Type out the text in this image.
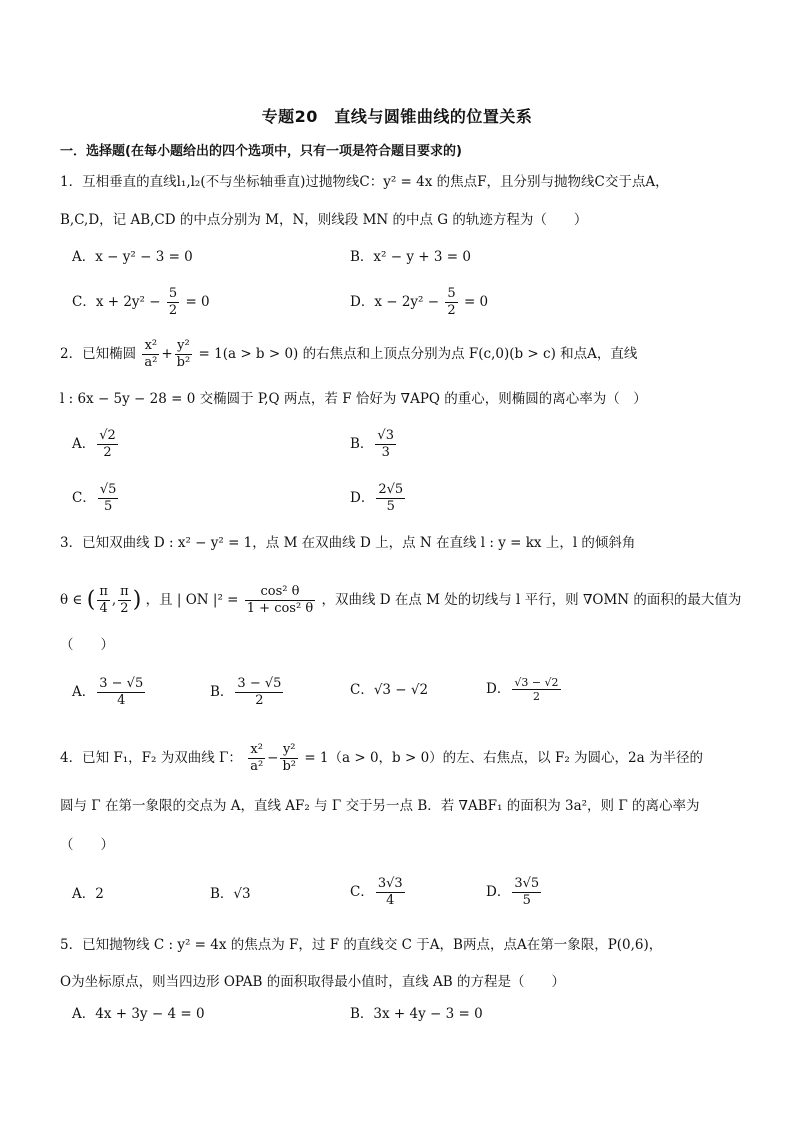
专题20　直线与圆锥曲线的位置关系
一．选择题(在每小题给出的四个选项中，只有一项是符合题目要求的)
1．互相垂直的直线l₁,l₂(不与坐标轴垂直)过抛物线C：y² = 4x 的焦点F，且分别与抛物线C交于点A，
B,C,D，记 AB,CD 的中点分别为 M，N，则线段 MN 的中点 G 的轨迹方程为（　　）
A．x − y² − 3 = 0	B．x² − y + 3 = 0
C．$x + 2y^2 - \frac{5}{2} = 0$	D．$x - 2y^2 - \frac{5}{2} = 0$
2．已知椭圆 $\frac{\text{x²}}{\text{a²}} + \frac{\text{y²}}{\text{b²}} = 1(a > b > 0)$ 的右焦点和上顶点分别为点 F(c,0)(b > c) 和点A，直线
l : 6x − 5y − 28 = 0 交椭圆于 P,Q 两点，若 F 恰好为 ∇APQ 的重心，则椭圆的离心率为（　）
A． $\frac{√2}{2}$	B． $\frac{√3}{3}$
C． $\frac{√5}{5}$	D． $\frac{2√5}{5}$
3．已知双曲线 D : x² − y² = 1，点 M 在双曲线 D 上，点 N 在直线 l : y = kx 上，l 的倾斜角
θ ∈ ( $\frac{\pi}{4}$ , $\frac{\pi}{2}$ ) ，且 | ON $|^2 = \frac{\text{cos² θ}}{\text{1 + cos² θ}}$ ，双曲线 D 在点 M 处的切线与 l 平行，则 ∇OMN 的面积的最大值为
（　　）
A． $\frac{3 - √5}{4}$	B． $\frac{3 - √5}{2}$	C．√3 − √2	D． $\frac{√3 - √2}{2}$
4．已知 F₁，F₂ 为双曲线 Γ： $\frac{\text{x²}}{\text{a²}} - \frac{\text{y²}}{\text{b²}} = 1(a > 0$，b > 0）的左、右焦点，以 F₂ 为圆心，2a 为半径的
圆与 Γ 在第一象限的交点为 A，直线 AF₂ 与 Γ 交于另一点 B．若 ∇ABF₁ 的面积为 3a²，则 Γ 的离心率为
（　　）
A．2	B．√3	C． $\frac{3√3}{4}$	D． $\frac{3√5}{5}$
5．已知抛物线 C : y² = 4x 的焦点为 F，过 F 的直线交 C 于A，B两点，点A在第一象限，P(0,6)，
O为坐标原点，则当四边形 OPAB 的面积取得最小值时，直线 AB 的方程是（　　）
A．4x + 3y − 4 = 0	B．3x + 4y − 3 = 0
